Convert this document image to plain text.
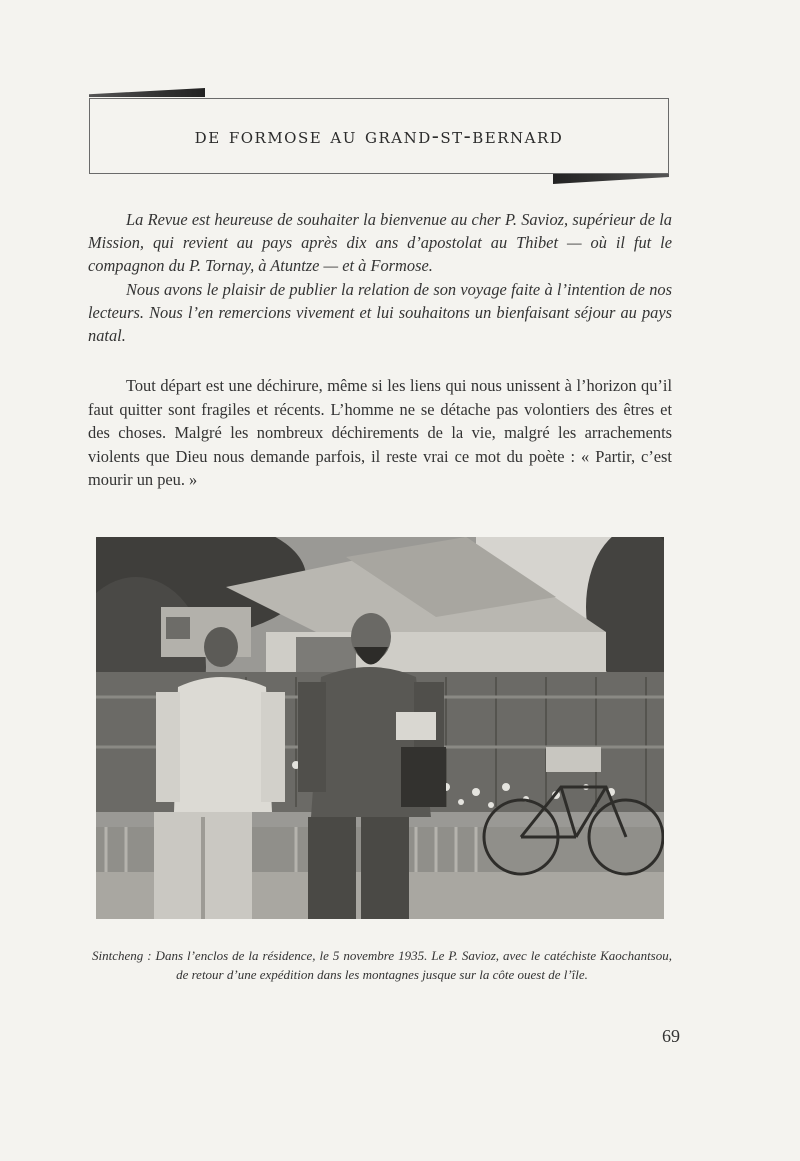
de formose au grand-st-bernard

La Revue est heureuse de souhaiter la bienvenue au cher P. Savioz, supérieur de la Mission, qui revient au pays après dix ans d’apostolat au Thibet — où il fut le compagnon du P. Tornay, à Atuntze — et à Formose.

Nous avons le plaisir de publier la relation de son voyage faite à l’intention de nos lecteurs. Nous l’en remercions vivement et lui souhaitons un bienfaisant séjour au pays natal.

Tout départ est une déchirure, même si les liens qui nous unissent à l’horizon qu’il faut quitter sont fragiles et récents. L’homme ne se détache pas volontiers des êtres et des choses. Malgré les nombreux déchirements de la vie, malgré les arrachements violents que Dieu nous demande parfois, il reste vrai ce mot du poète : « Partir, c’est mourir un peu. »

Sintcheng : Dans l’enclos de la résidence, le 5 novembre 1935. Le P. Savioz, avec le catéchiste Kaochantsou, de retour d’une expédition dans les montagnes jusque sur la côte ouest de l’île.
69
